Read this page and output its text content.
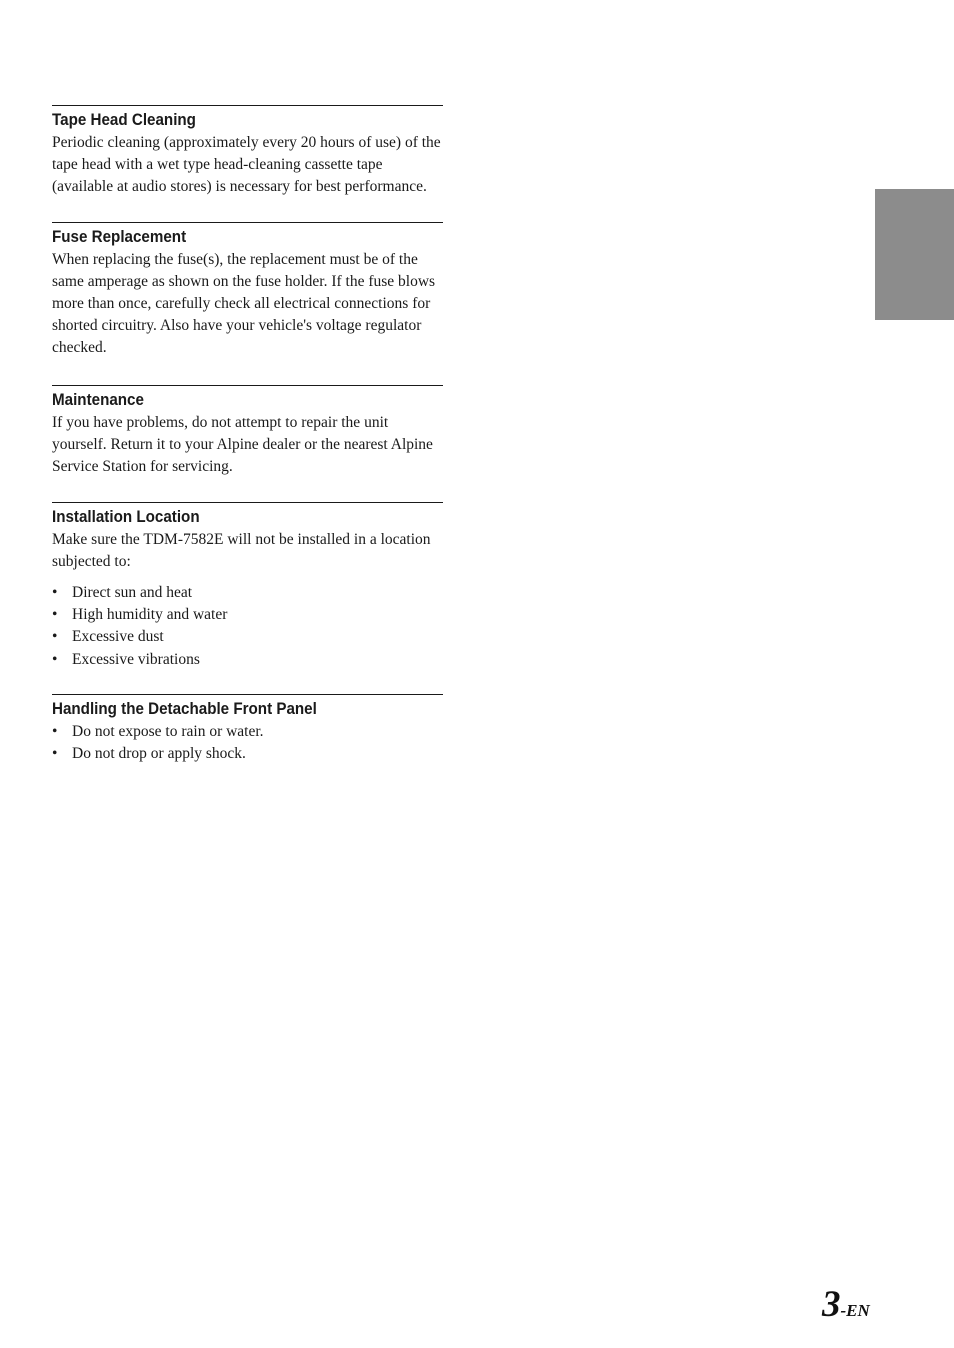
Tape Head Cleaning

Periodic cleaning (approximately every 20 hours of use) of the tape head with a wet type head-cleaning cassette tape (available at audio stores) is necessary for best performance.

Fuse Replacement

When replacing the fuse(s), the replacement must be of the same amperage as shown on the fuse holder. If the fuse blows more than once, carefully check all electrical connections for shorted circuitry. Also have your vehicle's voltage regulator checked.

Maintenance

If you have problems, do not attempt to repair the unit yourself. Return it to your Alpine dealer or the nearest Alpine Service Station for servicing.

Installation Location

Make sure the TDM-7582E will not be installed in a location subjected to:

• Direct sun and heat
• High humidity and water
• Excessive dust
• Excessive vibrations
Handling the Detachable Front Panel
• Do not expose to rain or water.
• Do not drop or apply shock.
3-EN
